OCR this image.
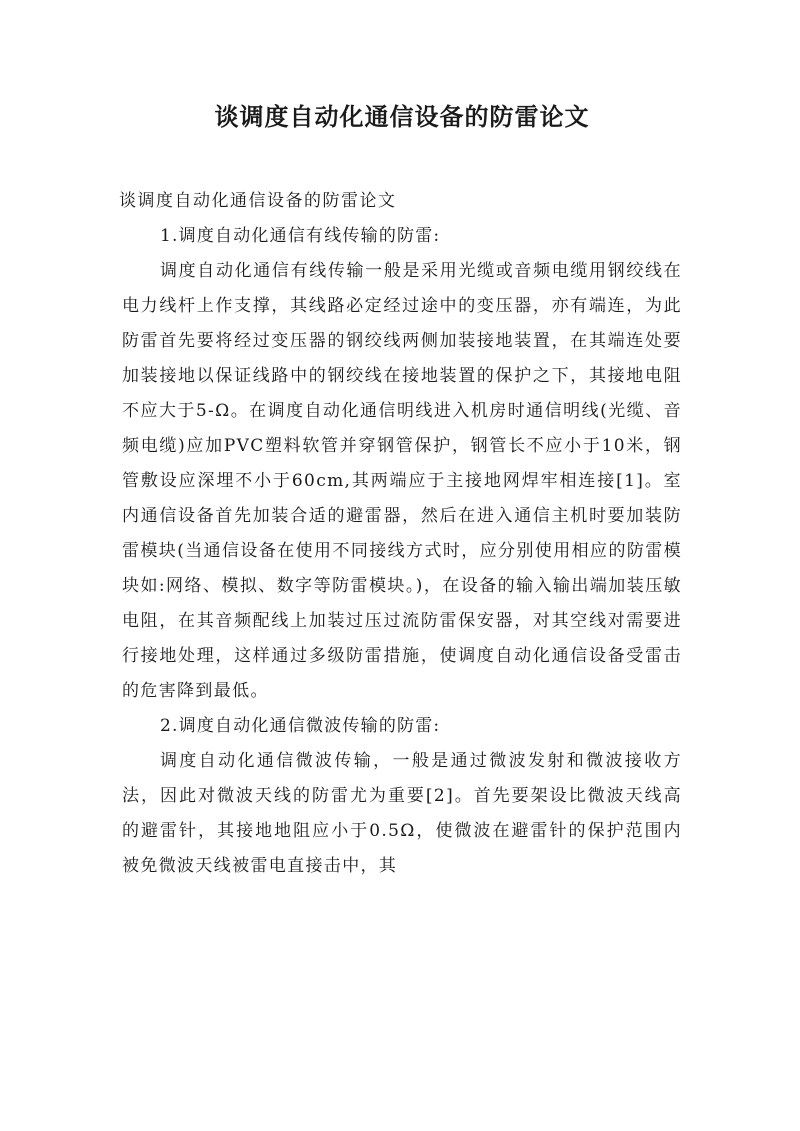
谈调度自动化通信设备的防雷论文

谈调度自动化通信设备的防雷论文

1.调度自动化通信有线传输的防雷:

调度自动化通信有线传输一般是采用光缆或音频电缆用钢绞线在电力线杆上作支撑，其线路必定经过途中的变压器，亦有端连，为此防雷首先要将经过变压器的钢绞线两侧加装接地装置，在其端连处要加装接地以保证线路中的钢绞线在接地装置的保护之下，其接地电阻不应大于5-Ω。在调度自动化通信明线进入机房时通信明线(光缆、音频电缆)应加PVC塑料软管并穿钢管保护，钢管长不应小于10米，钢管敷设应深埋不小于60cm,其两端应于主接地网焊牢相连接[1]。室内通信设备首先加装合适的避雷器，然后在进入通信主机时要加装防雷模块(当通信设备在使用不同接线方式时，应分别使用相应的防雷模块如:网络、模拟、数字等防雷模块。)，在设备的输入输出端加装压敏电阻，在其音频配线上加装过压过流防雷保安器，对其空线对需要进行接地处理，这样通过多级防雷措施，使调度自动化通信设备受雷击的危害降到最低。

2.调度自动化通信微波传输的防雷:

调度自动化通信微波传输，一般是通过微波发射和微波接收方法，因此对微波天线的防雷尤为重要[2]。首先要架设比微波天线高的避雷针，其接地地阻应小于0.5Ω，使微波在避雷针的保护范围内被免微波天线被雷电直接击中，其
